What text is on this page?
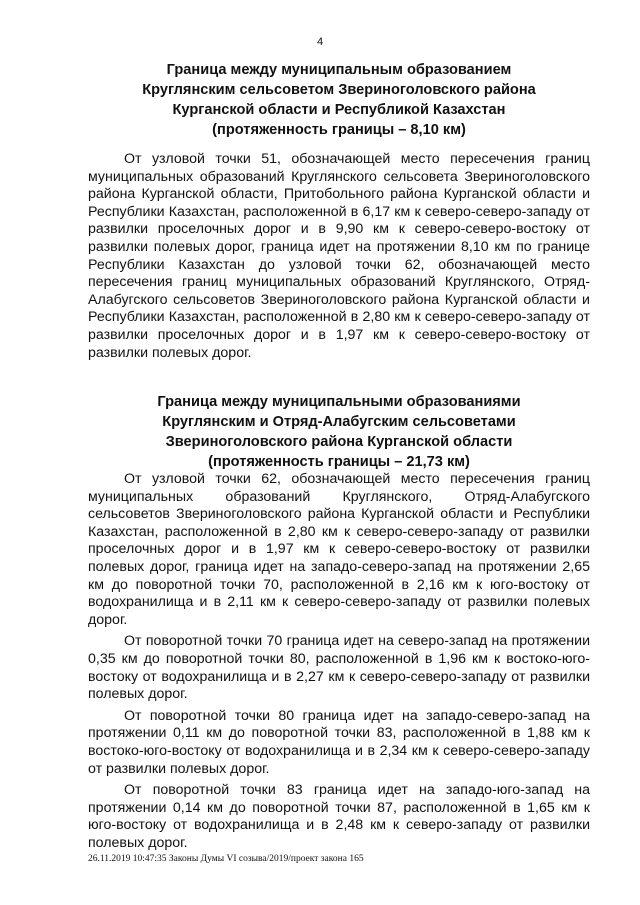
4
Граница между муниципальным образованием
Круглянским сельсоветом Звериноголовского района
Курганской области и Республикой Казахстан
(протяженность границы – 8,10 км)

От узловой точки 51, обозначающей место пересечения границ муниципальных образований Круглянского сельсовета Звериноголовского района Курганской области, Притобольного района Курганской области и Республики Казахстан, расположенной в 6,17 км к северо-северо-западу от развилки проселочных дорог и в 9,90 км к северо-северо-востоку от развилки полевых дорог, граница идет на протяжении 8,10 км по границе Республики Казахстан до узловой точки 62, обозначающей место пересечения границ муниципальных образований Круглянского, Отряд-Алабугского сельсоветов Звериноголовского района Курганской области и Республики Казахстан, расположенной в 2,80 км к северо-северо-западу от развилки проселочных дорог и в 1,97 км к северо-северо-востоку от развилки полевых дорог.

Граница между муниципальными образованиями
Круглянским и Отряд-Алабугским сельсоветами
Звериноголовского района Курганской области
(протяженность границы – 21,73 км)

От узловой точки 62, обозначающей место пересечения границ муниципальных образований Круглянского, Отряд-Алабугского сельсоветов Звериноголовского района Курганской области и Республики Казахстан, расположенной в 2,80 км к северо-северо-западу от развилки проселочных дорог и в 1,97 км к северо-северо-востоку от развилки полевых дорог, граница идет на западо-северо-запад на протяжении 2,65 км до поворотной точки 70, расположенной в 2,16 км к юго-востоку от водохранилища и в 2,11 км к северо-северо-западу от развилки полевых дорог.

От поворотной точки 70 граница идет на северо-запад на протяжении 0,35 км до поворотной точки 80, расположенной в 1,96 км к востоко-юго-востоку от водохранилища и в 2,27 км к северо-северо-западу от развилки полевых дорог.

От поворотной точки 80 граница идет на западо-северо-запад на протяжении 0,11 км до поворотной точки 83, расположенной в 1,88 км к востоко-юго-востоку от водохранилища и в 2,34 км к северо-северо-западу от развилки полевых дорог.

От поворотной точки 83 граница идет на западо-юго-запад на протяжении 0,14 км до поворотной точки 87, расположенной в 1,65 км к юго-востоку от водохранилища и в 2,48 км к северо-западу от развилки полевых дорог.

26.11.2019 10:47:35 Законы Думы VI созыва/2019/проект закона 165
